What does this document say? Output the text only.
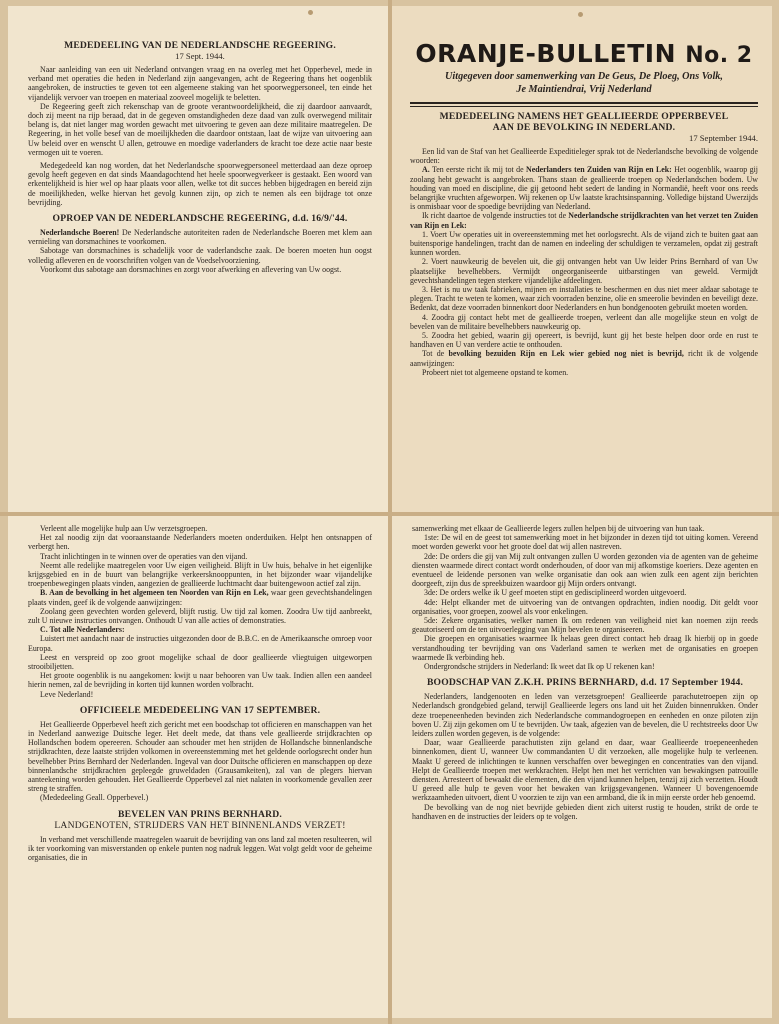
MEDEDEELING VAN DE NEDERLANDSCHE REGEERING.
17 Sept. 1944.

Naar aanleiding van een uit Nederland ontvangen vraag en na overleg met het Opperbevel, mede in verband met operaties die heden in Nederland zijn aangevangen, acht de Regeering thans het oogenblik aangebroken, de instructies te geven tot een algemeene staking van het spoorwegpersoneel, ten einde het vijandelijk vervoer van troepen en materiaal zooveel mogelijk te beletten.

De Regeering geeft zich rekenschap van de groote verantwoordelijkheid, die zij daardoor aanvaardt, doch zij meent na rijp beraad, dat in de gegeven omstandigheden deze daad van zulk overwegend militair belang is, dat niet langer mag worden gewacht met uitvoering te geven aan deze militaire maatregelen. De Regeering, in het volle besef van de moeilijkheden die daardoor ontstaan, laat de wijze van uitvoering aan Uw beleid over en wenscht U allen, getrouwe en moedige vaderlanders de kracht toe deze actie naar beste vermogen uit te voeren.

Medegedeeld kan nog worden, dat het Nederlandsche spoorwegpersoneel metterdaad aan deze oproep gevolg heeft gegeven en dat sinds Maandagochtend het heele spoorwegverkeer is gestaakt. Een woord van erkentelijkheid is hier wel op haar plaats voor allen, welke tot dit succes hebben bijgedragen en bereid zijn de moeilijkheden, welke hiervan het gevolg kunnen zijn, op zich te nemen als een bijdrage tot onze bevrijding.

OPROEP VAN DE NEDERLANDSCHE REGEERING, d.d. 16/9/'44.

Nederlandsche Boeren! De Nederlandsche autoriteiten raden de Nederlandsche Boeren met klem aan vernieling van dorsmachines te voorkomen.

Sabotage van dorsmachines is schadelijk voor de vaderlandsche zaak. De boeren moeten hun oogst volledig afleveren en de voorschriften volgen van de Voedselvoorziening.

Voorkomt dus sabotage aan dorsmachines en zorgt voor afwerking en aflevering van Uw oogst.

ORANJE-BULLETIN No. 2
Uitgegeven door samenwerking van De Geus, De Ploeg, Ons Volk,
Je Maintiendrai, Vrij Nederland
MEDEDEELING NAMENS HET GEALLIEERDE OPPERBEVEL
AAN DE BEVOLKING IN NEDERLAND.
17 September 1944.

Een lid van de Staf van het Geallieerde Expeditieleger sprak tot de Nederlandsche bevolking de volgende woorden:

A. Ten eerste richt ik mij tot de Nederlanders ten Zuiden van Rijn en Lek: Het oogenblik, waarop gij zoolang hebt gewacht is aangebroken. Thans staan de geallieerde troepen op Nederlandschen bodem. Uw houding van moed en discipline, die gij getoond hebt sedert de landing in Normandië, heeft voor ons reeds belangrijke vruchten afgeworpen. Wij rekenen op Uw laatste krachtsinspanning. Volledige bijstand Uwerzijds is onmisbaar voor de spoedige bevrijding van Nederland.

Ik richt daartoe de volgende instructies tot de Nederlandsche strijdkrachten van het verzet ten Zuiden van Rijn en Lek:

1. Voert Uw operaties uit in overeenstemming met het oorlogsrecht. Als de vijand zich te buiten gaat aan buitensporige handelingen, tracht dan de namen en indeeling der schuldigen te verzamelen, opdat zij gestraft kunnen worden.

2. Voert nauwkeurig de bevelen uit, die gij ontvangen hebt van Uw leider Prins Bernhard of van Uw plaatselijke bevelhebbers. Vermijdt ongeorganiseerde uitbarstingen van geweld. Vermijdt gevechtshandelingen tegen sterkere vijandelijke afdeelingen.

3. Het is nu uw taak fabrieken, mijnen en installaties te beschermen en dus niet meer aldaar sabotage te plegen. Tracht te weten te komen, waar zich voorraden benzine, olie en smeerolie bevinden en beveiligt deze. Bedenkt, dat deze voorraden binnenkort door Nederlanders en hun bondgenooten gebruikt moeten worden.

4. Zoodra gij contact hebt met de geallieerde troepen, verleent dan alle mogelijke steun en volgt de bevelen van de militaire bevelhebbers nauwkeurig op.

5. Zoodra het gebied, waarin gij opereert, is bevrijd, kunt gij het beste helpen door orde en rust te handhaven en U van verdere actie te onthouden.

Tot de bevolking bezuiden Rijn en Lek wier gebied nog niet is bevrijd, richt ik de volgende aanwijzingen:

Probeert niet tot algemeene opstand te komen.

Verleent alle mogelijke hulp aan Uw verzetsgroepen.

Het zal noodig zijn dat vooraanstaande Nederlanders moeten onderduiken. Helpt hen ontsnappen of verbergt hen.

Tracht inlichtingen in te winnen over de operaties van den vijand.

Neemt alle redelijke maatregelen voor Uw eigen veiligheid. Blijft in Uw huis, behalve in het eigenlijke krijgsgebied en in de buurt van belangrijke verkeersknooppunten, in het bijzonder waar vijandelijke troepenbewegingen plaats vinden, aangezien de geallieerde luchtmacht daar buitengewoon actief zal zijn.

B. Aan de bevolking in het algemeen ten Noorden van Rijn en Lek, waar geen gevechtshandelingen plaats vinden, geef ik de volgende aanwijzingen:

Zoolang geen gevechten worden geleverd, blijft rustig. Uw tijd zal komen. Zoodra Uw tijd aanbreekt, zult U nieuwe instructies ontvangen. Onthoudt U van alle acties of demonstraties.

C. Tot alle Nederlanders:

Luistert met aandacht naar de instructies uitgezonden door de B.B.C. en de Amerikaansche omroep voor Europa.

Leest en verspreid op zoo groot mogelijke schaal de door geallieerde vliegtuigen uitgeworpen strooibiljetten.

Het groote oogenblik is nu aangekomen: kwijt u naar behooren van Uw taak. Indien allen een aandeel hierin nemen, zal de bevrijding in korten tijd kunnen worden volbracht.

Leve Nederland!

OFFICIEELE MEDEDEELING VAN 17 SEPTEMBER.

Het Geallieerde Opperbevel heeft zich gericht met een boodschap tot officieren en manschappen van het in Nederland aanwezige Duitsche leger. Het deelt mede, dat thans vele geallieerde strijdkrachten op Hollandschen bodem opereeren. Schouder aan schouder met hen strijden de Hollandsche binnenlandsche strijdkrachten, deze laatste strijden volkomen in overeenstemming met het geldende oorlogsrecht onder hun bevelhebber Prins Bernhard der Nederlanden. Ingeval van door Duitsche officieren en manschappen op deze binnenlandsche strijdkrachten gepleegde gruweldaden (Grausamkeiten), zal van de plegers hiervan aanteekening worden gehouden. Het Geallieerde Opperbevel zal niet nalaten in voorkomende gevallen zeer streng te straffen.

(Mededeeling Geall. Opperbevel.)

BEVELEN VAN PRINS BERNHARD.
LANDGENOTEN, STRIJDERS VAN HET BINNENLANDS VERZET!

In verband met verschillende maatregelen waaruit de bevrijding van ons land zal moeten resulteeren, wil ik ter voorkoming van misverstanden op enkele punten nog nadruk leggen. Wat volgt geldt voor de geheime organisaties, die in

samenwerking met elkaar de Geallieerde legers zullen helpen bij de uitvoering van hun taak.

1ste: De wil en de geest tot samenwerking moet in het bijzonder in dezen tijd tot uiting komen. Vereend moet worden gewerkt voor het groote doel dat wij allen nastreven.

2de: De orders die gij van Mij zult ontvangen zullen U worden gezonden via de agenten van de geheime diensten waarmede direct contact wordt onderhouden, of door van mij afkomstige koeriers. Deze agenten en eventueel de leidende personen van welke organisatie dan ook aan wien zulk een agent zijn berichten doorgeeft, zijn dus de spreekbuizen waardoor gij Mijn orders ontvangt.

3de: De orders welke ik U geef moeten stipt en gedisciplineerd worden uitgevoerd.

4de: Helpt elkander met de uitvoering van de ontvangen opdrachten, indien noodig. Dit geldt voor organisaties, voor groepen, zoowel als voor enkelingen.

5de: Zekere organisaties, welker namen Ik om redenen van veiligheid niet kan noemen zijn reeds geautoriseerd om de ten uitvoerlegging van Mijn bevelen te organiseeren.

Die groepen en organisaties waarmee Ik helaas geen direct contact heb draag Ik hierbij op in goede verstandhouding ter bevrijding van ons Vaderland samen te werken met de organisaties en groepen waarmede Ik verbinding heb.

Ondergrondsche strijders in Nederland: Ik weet dat Ik op U rekenen kan!

BOODSCHAP VAN Z.K.H. PRINS BERNHARD, d.d. 17 September 1944.

Nederlanders, landgenooten en leden van verzetsgroepen! Geallieerde parachutetroepen zijn op Nederlandsch grondgebied geland, terwijl Geallieerde legers ons land uit het Zuiden binnenrukken. Onder deze troepeneenheden bevinden zich Nederlandsche commandogroepen en eenheden en onze piloten zijn boven U. Zij zijn gekomen om U te bevrijden. Uw taak, afgezien van de bevelen, die U rechtstreeks door Uw leiders zullen worden gegeven, is de volgende:

Daar, waar Geallieerde parachutisten zijn geland en daar, waar Geallieerde troepeneenheden binnenkomen, dient U, wanneer Uw commandanten U dit verzoeken, alle mogelijke hulp te verleenen. Maakt U gereed de inlichtingen te kunnen verschaffen over bewegingen en concentraties van den vijand. Helpt de Geallieerde troepen met werkkrachten. Helpt hen met het verrichten van bewakingsen patrouille diensten. Arresteert of bewaakt die elementen, die den vijand kunnen helpen, tenzij zij zich verzetten. Houdt U gereed alle hulp te geven voor het bewaken van krijgsgevangenen. Wanneer U bovengenoemde werkzaamheden uitvoert, dient U voorzien te zijn van een armband, die ik in mijn eerste order heb genoemd.

De bevolking van de nog niet bevrijde gebieden dient zich uiterst rustig te houden, strikt de orde te handhaven en de instructies der leiders op te volgen.
